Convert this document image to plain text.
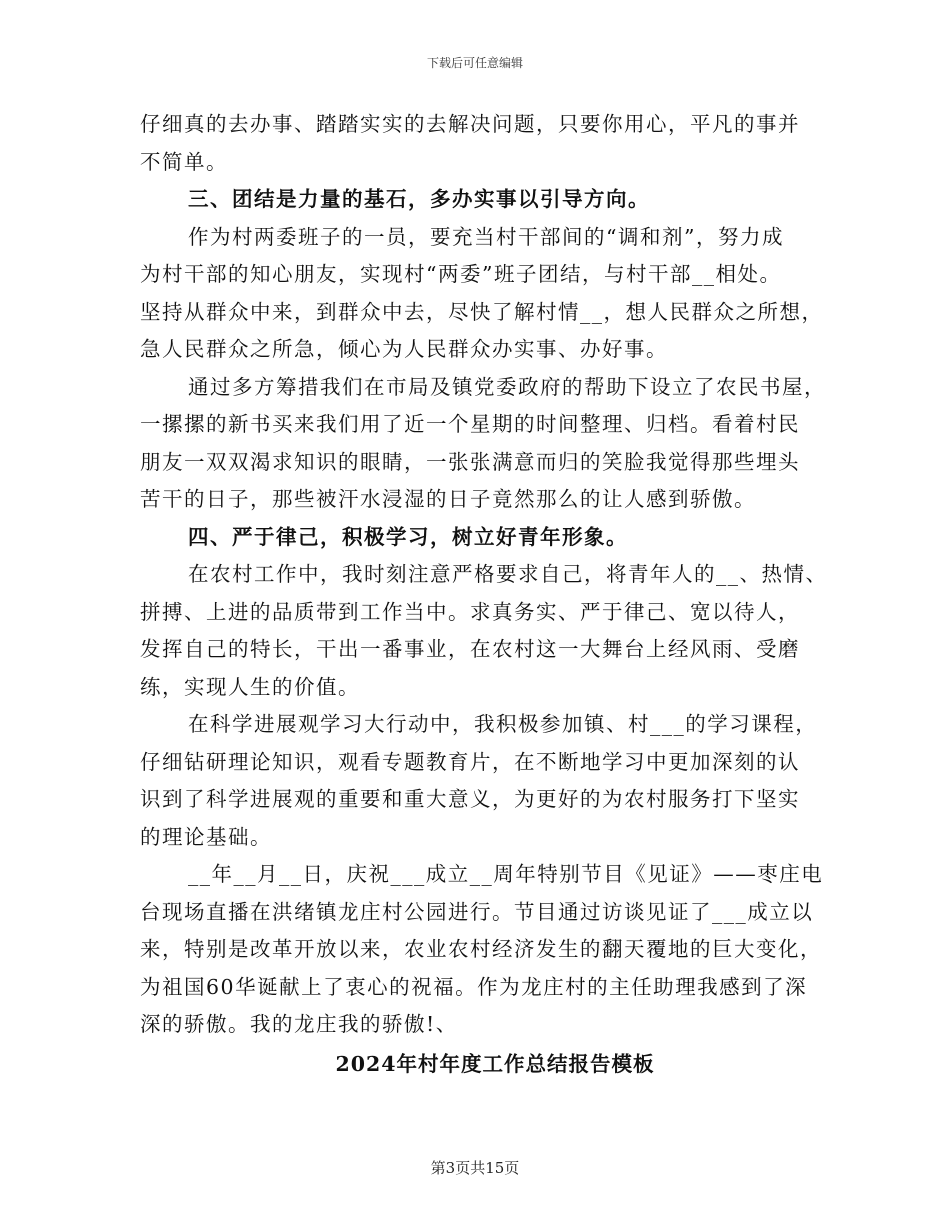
下载后可任意编辑
仔细真的去办事、踏踏实实的去解决问题，只要你用心，平凡的事并
不简单。
三、团结是力量的基石，多办实事以引导方向。
作为村两委班子的一员，要充当村干部间的“调和剂”，努力成
为村干部的知心朋友，实现村“两委”班子团结，与村干部__相处。
坚持从群众中来，到群众中去，尽快了解村情__，想人民群众之所想，
急人民群众之所急，倾心为人民群众办实事、办好事。
通过多方筹措我们在市局及镇党委政府的帮助下设立了农民书屋，
一摞摞的新书买来我们用了近一个星期的时间整理、归档。看着村民
朋友一双双渴求知识的眼睛，一张张满意而归的笑脸我觉得那些埋头
苦干的日子，那些被汗水浸湿的日子竟然那么的让人感到骄傲。
四、严于律己，积极学习，树立好青年形象。
在农村工作中，我时刻注意严格要求自己，将青年人的__、热情、
拼搏、上进的品质带到工作当中。求真务实、严于律己、宽以待人，
发挥自己的特长，干出一番事业，在农村这一大舞台上经风雨、受磨
练，实现人生的价值。
在科学进展观学习大行动中，我积极参加镇、村___的学习课程，
仔细钻研理论知识，观看专题教育片，在不断地学习中更加深刻的认
识到了科学进展观的重要和重大意义，为更好的为农村服务打下坚实
的理论基础。
__年__月__日，庆祝___成立__周年特别节目《见证》——枣庄电
台现场直播在洪绪镇龙庄村公园进行。节目通过访谈见证了___成立以
来，特别是改革开放以来，农业农村经济发生的翻天覆地的巨大变化，
为祖国60华诞献上了衷心的祝福。作为龙庄村的主任助理我感到了深
深的骄傲。我的龙庄我的骄傲!、
2024年村年度工作总结报告模板
第3页共15页
